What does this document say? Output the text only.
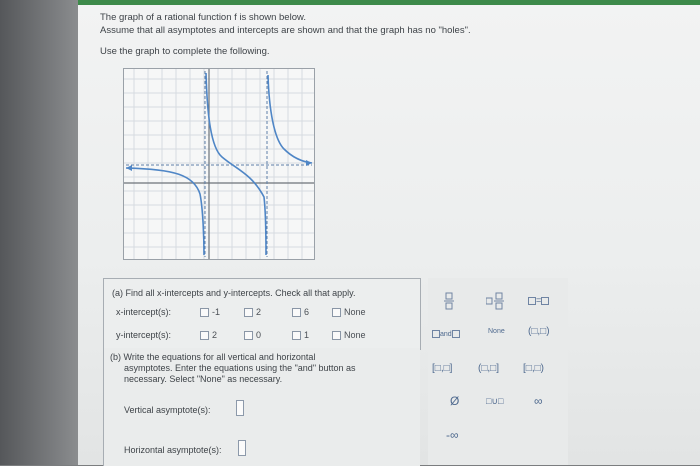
The graph of a rational function f is shown below.
Assume that all asymptotes and intercepts are shown and that the graph has no "holes".
Use the graph to complete the following.
(a) Find all x-intercepts and y-intercepts. Check all that apply.
x-intercept(s):	-1	2	6	None
y-intercept(s):	2	0	1	None
(b) Write the equations for all vertical and horizontal
asymptotes. Enter the equations using the "and" button as
necessary. Select "None" as necessary.
Vertical asymptote(s):
Horizontal asymptote(s):
=
and	None (□,□)
[□,□]	(□,□] [□,□)
Ø	□∪□	∞
-∞
